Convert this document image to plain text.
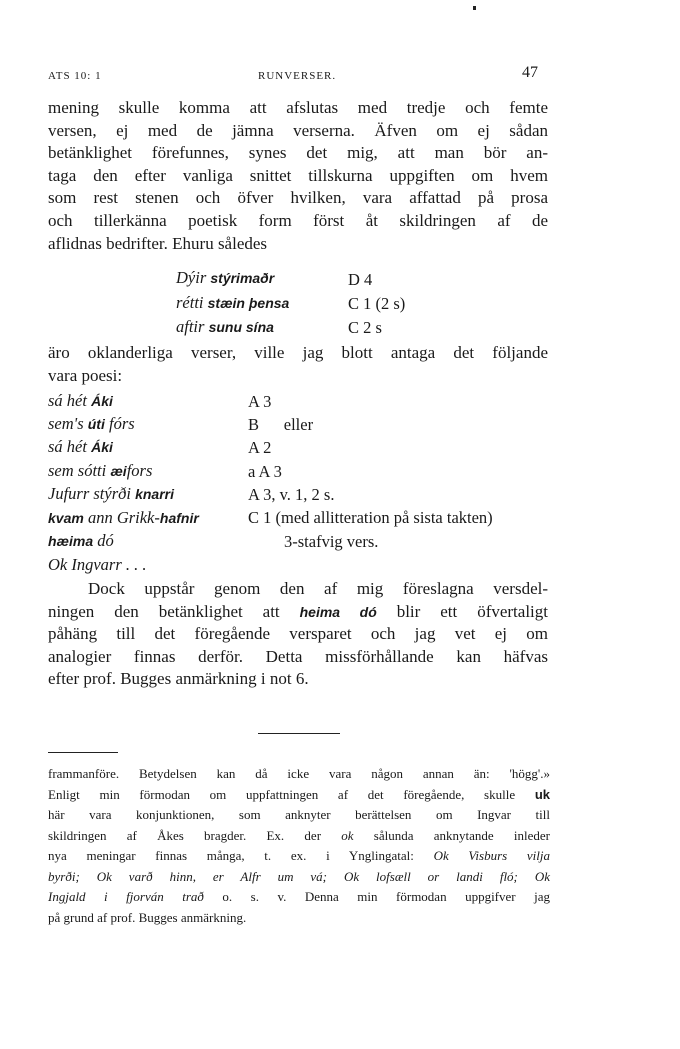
ATS 10: 1	RUNVERSER.	47
mening skulle komma att afslutas med tredje och femte
versen, ej med de jämna verserna. Äfven om ej sådan
betänklighet förefunnes, synes det mig, att man bör an-
taga den efter vanliga snittet tillskurna uppgiften om hvem
som rest stenen och öfver hvilken, vara affattad på prosa
och tillerkänna poetisk form först åt skildringen af de
aflidnas bedrifter. Ehuru således
Dýir stýrimaðr	D 4
rétti stæin þensa	C 1 (2 s)
aftir sunu sína	C 2 s
äro oklanderliga verser, ville jag blott antaga det följande
vara poesi:
sá hét Áki	A 3
sem's úti fórs	B      eller
sá hét Áki	A 2
sem sótti æifors	a A 3
Jufurr stýrði knarri	A 3, v. 1, 2 s.
kvam ann Grikk-hafnir	C 1 (med allitteration på sista takten)
hæima dó	3-stafvig vers.
Ok Ingvarr . . .
Dock uppstår genom den af mig föreslagna versdel-
ningen den betänklighet att heima dó blir ett öfvertaligt
påhäng till det föregående versparet och jag vet ej om
analogier finnas derför. Detta missförhållande kan häfvas
efter prof. Bugges anmärkning i not 6.
frammanföre. Betydelsen kan då icke vara någon annan än: 'högg'.»
Enligt min förmodan om uppfattningen af det föregående, skulle uk
här vara konjunktionen, som anknyter berättelsen om Ingvar till
skildringen af Åkes bragder. Ex. der ok sålunda anknytande inleder
nya meningar finnas många, t. ex. i Ynglingatal: Ok Visburs vilja
byrði; Ok varð hinn, er Alfr um vá; Ok lofsæll or landi fló; Ok
Ingjald i fjorván trað o. s. v. Denna min förmodan uppgifver jag
på grund af prof. Bugges anmärkning.
